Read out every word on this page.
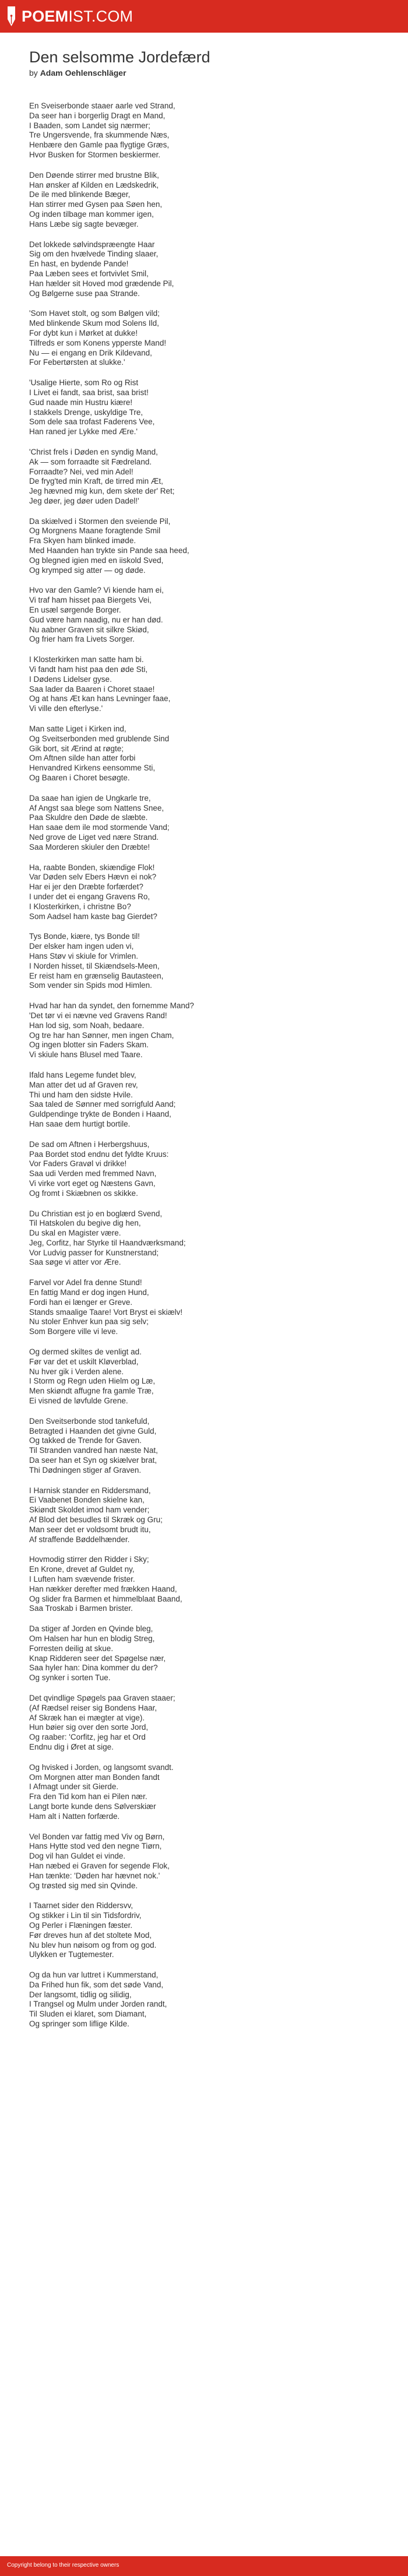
POEMIST.COM
Den selsomme Jordefærd
by Adam Oehlenschläger
En Sveiserbonde staaer aarle ved Strand,
Da seer han i borgerlig Dragt en Mand,
I Baaden, som Landet sig nærmer;
Tre Ungersvende, fra skummende Næs,
Henbære den Gamle paa flygtige Græs,
Hvor Busken for Stormen beskiermer.
Den Døende stirrer med brustne Blik,
Han ønsker af Kilden en Lædskedrik,
De ile med blinkende Bæger,
Han stirrer med Gysen paa Søen hen,
Og inden tilbage man kommer igen,
Hans Læbe sig sagte bevæger.
Det lokkede sølvindspræengte Haar
Sig om den hvælvede Tinding slaaer,
En hast, en bydende Pande!
Paa Læben sees et fortvivlet Smil,
Han hælder sit Hoved mod grædende Pil,
Og Bølgerne suse paa Strande.
'Som Havet stolt, og som Bølgen vild;
Med blinkende Skum mod Solens Ild,
For dybt kun i Mørket at dukke!
Tilfreds er som Konens ypperste Mand!
Nu — ei engang en Drik Kildevand,
For Febertørsten at slukke.'
'Usalige Hierte, som Ro og Rist
I Livet ei fandt, saa brist, saa brist!
Gud naade min Hustru kiære!
I stakkels Drenge, uskyldige Tre,
Som dele saa trofast Faderens Vee,
Han raned jer Lykke med Ære.'
'Christ frels i Døden en syndig Mand,
Ak — som forraadte sit Fædreland.
Forraadte? Nei, ved min Adel!
De fryg'ted min Kraft, de tirred min Æt,
Jeg hævned mig kun, dem skete der' Ret;
Jeg døer, jeg døer uden Dadel!'
Da skiælved i Stormen den sveiende Pil,
Og Morgnens Maane foragtende Smil
Fra Skyen ham blinked imøde.
Med Haanden han trykte sin Pande saa heed,
Og blegned igien med en iiskold Sved,
Og krymped sig atter — og døde.
Hvo var den Gamle? Vi kiende ham ei,
Vi traf ham hisset paa Biergets Vei,
En usæl sørgende Borger.
Gud være ham naadig, nu er han død.
Nu aabner Graven sit silkre Skiød,
Og frier ham fra Livets Sorger.
I Klosterkirken man satte ham bi.
Vi fandt ham hist paa den øde Sti,
I Dødens Lidelser gyse.
Saa lader da Baaren i Choret staae!
Og at hans Æt kan hans Levninger faae,
Vi ville den efterlyse.'
Man satte Liget i Kirken ind,
Og Sveitserbonden med grublende Sind
Gik bort, sit Ærind at røgte;
Om Aftnen silde han atter forbi
Henvandred Kirkens eensomme Sti,
Og Baaren i Choret besøgte.
Da saae han igien de Ungkarle tre,
Af Angst saa blege som Nattens Snee,
Paa Skuldre den Døde de slæbte.
Han saae dem ile mod stormende Vand;
Ned grove de Liget ved nære Strand.
Saa Morderen skiuler den Dræbte!
Ha, raabte Bonden, skiændige Flok!
Var Døden selv Ebers Hævn ei nok?
Har ei jer den Dræbte forfærdet?
I under det ei engang Gravens Ro,
I Klosterkirken, i christne Bo?
Som Aadsel ham kaste bag Gierdet?
Tys Bonde, kiære, tys Bonde til!
Der elsker ham ingen uden vi,
Hans Støv vi skiule for Vrimlen.
I Norden hisset, til Skiændsels-Meen,
Er reist ham en grænselig Bautasteen,
Som vender sin Spids mod Himlen.
Hvad har han da syndet, den fornemme Mand?
'Det tør vi ei nævne ved Gravens Rand!
Han lod sig, som Noah, bedaare.
Og tre har han Sønner, men ingen Cham,
Og ingen blotter sin Faders Skam.
Vi skiule hans Blusel med Taare.
Ifald hans Legeme fundet blev,
Man atter det ud af Graven rev,
Thi und ham den sidste Hvile.
Saa taled de Sønner med sorrigfuld Aand;
Guldpendinge trykte de Bonden i Haand,
Han saae dem hurtigt bortile.
De sad om Aftnen i Herbergshuus,
Paa Bordet stod endnu det fyldte Kruus:
Vor Faders Gravøl vi drikke!
Saa udi Verden med fremmed Navn,
Vi virke vort eget og Næstens Gavn,
Og fromt i Skiæbnen os skikke.
Du Christian est jo en boglærd Svend,
Til Hatskolen du begive dig hen,
Du skal en Magister være.
Jeg, Corfitz, har Styrke til Haandværksmand;
Vor Ludvig passer for Kunstnerstand;
Saa søge vi atter vor Ære.
Farvel vor Adel fra denne Stund!
En fattig Mand er dog ingen Hund,
Fordi han ei længer er Greve.
Stands smaalige Taare! Vort Bryst ei skiælv!
Nu stoler Enhver kun paa sig selv;
Som Borgere ville vi leve.
Og dermed skiltes de venligt ad.
Før var det et uskilt Kløverblad,
Nu hver gik i Verden alene.
I Storm og Regn uden Hielm og Læ,
Men skiøndt affugne fra gamle Træ,
Ei visned de løvfulde Grene.
Den Sveitserbonde stod tankefuld,
Betragted i Haanden det givne Guld,
Og takked de Trende for Gaven.
Til Stranden vandred han næste Nat,
Da seer han et Syn og skiælver brat,
Thi Dødningen stiger af Graven.
I Harnisk stander en Riddersmand,
Ei Vaabenet Bonden skielne kan,
Skiøndt Skoldet imod ham vender;
Af Blod det besudles til Skræk og Gru;
Man seer det er voldsomt brudt itu,
Af straffende Bøddelhænder.
Hovmodig stirrer den Ridder i Sky;
En Krone, drevet af Guldet ny,
I Luften ham svævende frister.
Han nækker derefter med frækken Haand,
Og slider fra Barmen et himmelblaat Baand,
Saa Troskab i Barmen brister.
Da stiger af Jorden en Qvinde bleg,
Om Halsen har hun en blodig Streg,
Forresten deilig at skue.
Knap Ridderen seer det Spøgelse nær,
Saa hyler han: Dina kommer du der?
Og synker i sorten Tue.
Det qvindlige Spøgels paa Graven staaer;
(Af Rædsel reiser sig Bondens Haar,
Af Skræk han ei mægter at vige).
Hun bøier sig over den sorte Jord,
Og raaber: 'Corfitz, jeg har et Ord
Endnu dig i Øret at sige.
Og hvisked i Jorden, og langsomt svandt.
Om Morgnen atter man Bonden fandt
I Afmagt under sit Gierde.
Fra den Tid kom han ei Pilen nær.
Langt borte kunde dens Sølverskiær
Ham alt i Natten forfærde.
Vel Bonden var fattig med Viv og Børn,
Hans Hytte stod ved den negne Tiørn,
Dog vil han Guldet ei vinde.
Han næbed ei Graven for segende Flok,
Han tænkte: 'Døden har hævnet nok.'
Og trøsted sig med sin Qvinde.
I Taarnet sider den Riddersvv,
Og stikker i Lin til sin Tidsfordriv,
Og Perler i Flæningen fæster.
Før dreves hun af det stoltete Mod,
Nu blev hun nøisom og from og god.
Ulykken er Tugtemester.
Og da hun var luttret i Kummerstand,
Da Frihed hun fik, som det søde Vand,
Der langsomt, tidlig og silidig,
I Trangsel og Mulm under Jorden randt,
Til Sluden ei klaret, som Diamant,
Og springer som liflige Kilde.
Copyright belong to their respective owners
